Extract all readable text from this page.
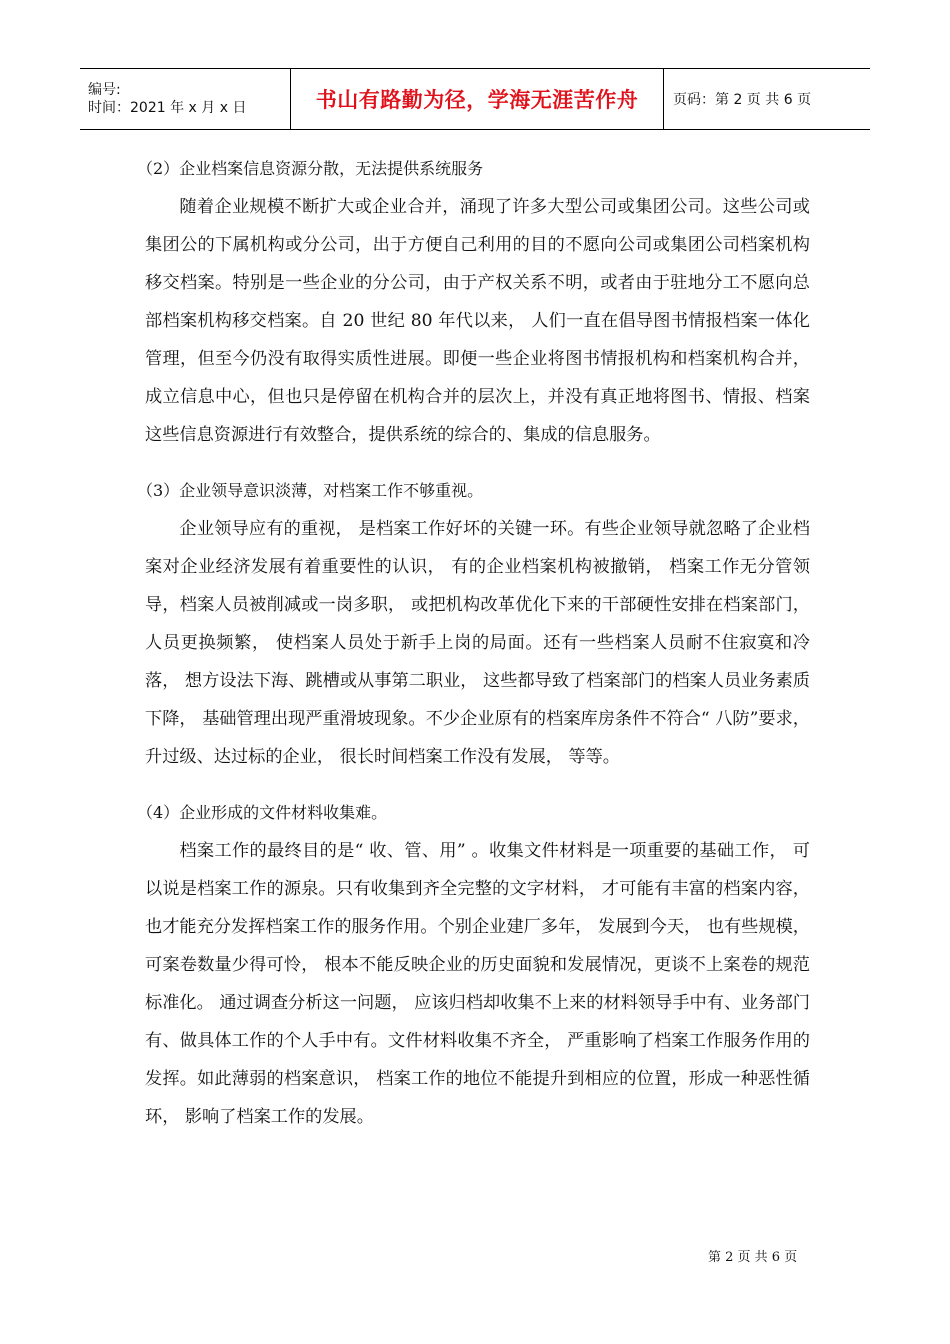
编号:
时间：2021 年 x 月 x 日	书山有路勤为径，学海无涯苦作舟 页码：第 2 页 共 6 页
（2）企业档案信息资源分散，无法提供系统服务

随着企业规模不断扩大或企业合并，涌现了许多大型公司或集团公司。这些公司或集团公的下属机构或分公司，出于方便自己利用的目的不愿向公司或集团公司档案机构移交档案。特别是一些企业的分公司，由于产权关系不明，或者由于驻地分工不愿向总部档案机构移交档案。自 20 世纪 80 年代以来， 人们一直在倡导图书情报档案一体化管理，但至今仍没有取得实质性进展。即便一些企业将图书情报机构和档案机构合并，成立信息中心，但也只是停留在机构合并的层次上，并没有真正地将图书、情报、档案这些信息资源进行有效整合，提供系统的综合的、集成的信息服务。

（3）企业领导意识淡薄，对档案工作不够重视。

企业领导应有的重视， 是档案工作好坏的关键一环。有些企业领导就忽略了企业档案对企业经济发展有着重要性的认识， 有的企业档案机构被撤销， 档案工作无分管领导，档案人员被削减或一岗多职， 或把机构改革优化下来的干部硬性安排在档案部门， 人员更换频繁， 使档案人员处于新手上岗的局面。还有一些档案人员耐不住寂寞和冷落， 想方设法下海、跳槽或从事第二职业， 这些都导致了档案部门的档案人员业务素质下降， 基础管理出现严重滑坡现象。不少企业原有的档案库房条件不符合“ 八防”要求， 升过级、达过标的企业， 很长时间档案工作没有发展， 等等。

（4）企业形成的文件材料收集难。

档案工作的最终目的是“ 收、管、用” 。收集文件材料是一项重要的基础工作， 可以说是档案工作的源泉。只有收集到齐全完整的文字材料， 才可能有丰富的档案内容， 也才能充分发挥档案工作的服务作用。个别企业建厂多年， 发展到今天， 也有些规模， 可案卷数量少得可怜， 根本不能反映企业的历史面貌和发展情况，更谈不上案卷的规范标准化。 通过调查分析这一问题， 应该归档却收集不上来的材料领导手中有、业务部门有、做具体工作的个人手中有。文件材料收集不齐全， 严重影响了档案工作服务作用的发挥。如此薄弱的档案意识， 档案工作的地位不能提升到相应的位置，形成一种恶性循环， 影响了档案工作的发展。

第 2 页 共 6 页
